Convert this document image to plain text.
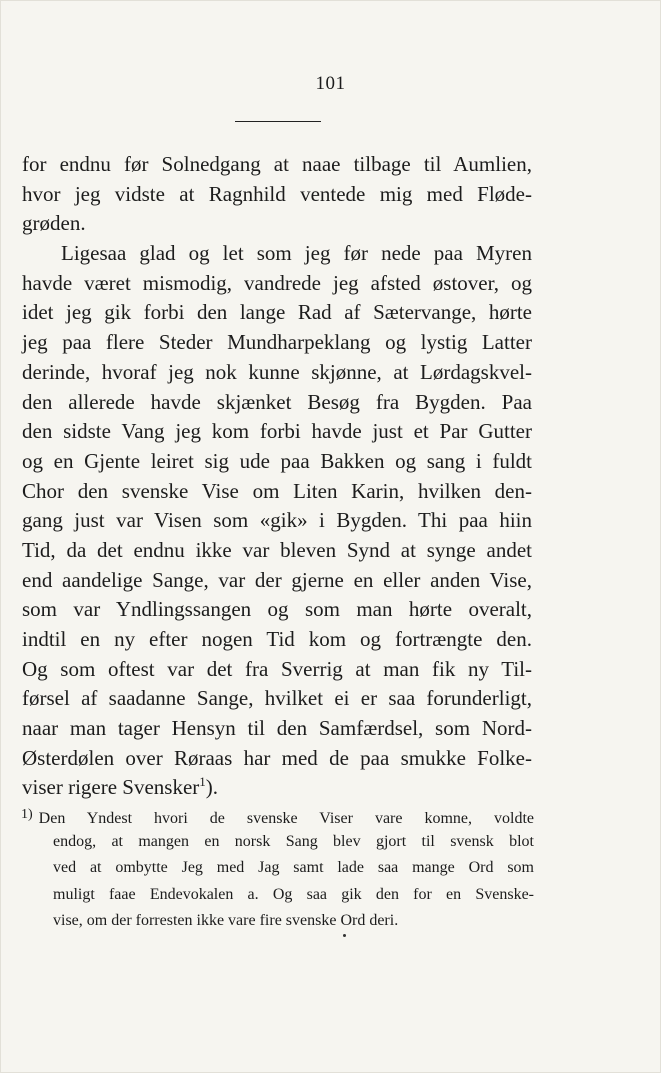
101
for endnu før Solnedgang at naae tilbage til Aumlien,
hvor jeg vidste at Ragnhild ventede mig med Fløde-
grøden.
Ligesaa glad og let som jeg før nede paa Myren
havde været mismodig, vandrede jeg afsted østover, og
idet jeg gik forbi den lange Rad af Sætervange, hørte
jeg paa flere Steder Mundharpeklang og lystig Latter
derinde, hvoraf jeg nok kunne skjønne, at Lørdagskvel-
den allerede havde skjænket Besøg fra Bygden. Paa
den sidste Vang jeg kom forbi havde just et Par Gutter
og en Gjente leiret sig ude paa Bakken og sang i fuldt
Chor den svenske Vise om Liten Karin, hvilken den-
gang just var Visen som «gik» i Bygden. Thi paa hiin
Tid, da det endnu ikke var bleven Synd at synge andet
end aandelige Sange, var der gjerne en eller anden Vise,
som var Yndlingssangen og som man hørte overalt,
indtil en ny efter nogen Tid kom og fortrængte den.
Og som oftest var det fra Sverrig at man fik ny Til-
førsel af saadanne Sange, hvilket ei er saa forunderligt,
naar man tager Hensyn til den Samfærdsel, som Nord-
Østerdølen over Røraas har med de paa smukke Folke-
viser rigere Svensker$^1$).
1) Den Yndest hvori de svenske Viser vare komne, voldte
endog, at mangen en norsk Sang blev gjort til svensk blot
ved at ombytte Jeg med Jag samt lade saa mange Ord som
muligt faae Endevokalen a. Og saa gik den for en Svenske-
vise, om der forresten ikke vare fire svenske Ord deri.
